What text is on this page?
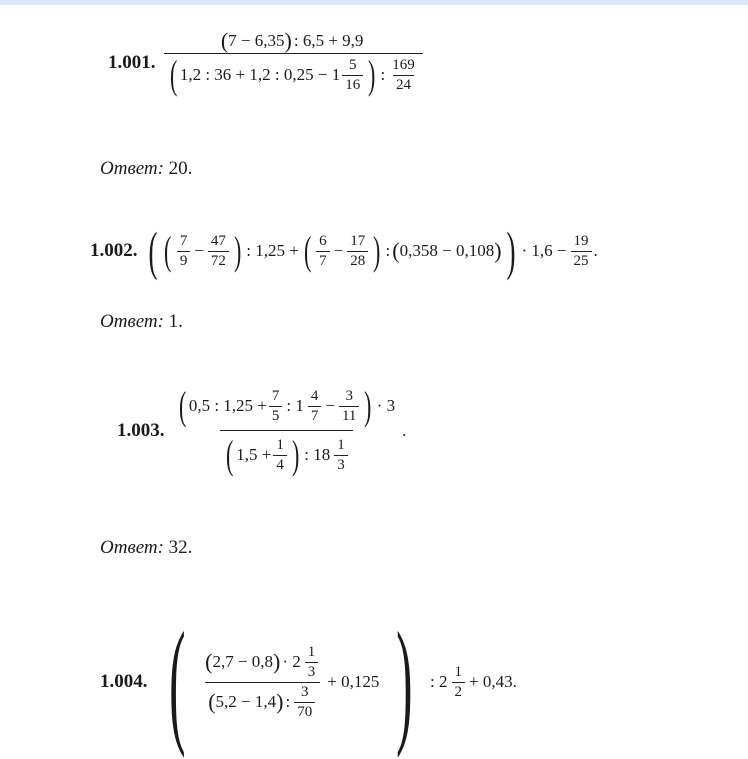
1.001.
( 7 − 6,35 ) : 6,5 + 9,9
( 1,2 : 36 + 1,2 : $0,25 - 1 \frac{5}{16}$ ) : $\frac{169}{24}$
Ответ: 20.
1.002. ( ( $\frac{7}{9} - \frac{47}{72}$ ) : 1,25 + ( $\frac{6}{7} - \frac{17}{28}$ ) : ( 0,358 − 0,108 ) ) · $1,6 - \frac{19}{25}$ .
Ответ: 1.
1.003.
( 0,5 : $1,25 + \frac{7}{5}$ : $1 \frac{4}{7} - \frac{3}{11}$ ) · 3
( $1,5 + \frac{1}{4}$ ) : $18 \frac{1}{3}$
.
Ответ: 32.
1.004. ( ( 2,7 − 0,8 ) · $2 \frac{1}{3}$
( 5,2 − 1,4 ) : $\frac{3}{70}$
+ 0,125 ) : $2 \frac{1}{2} + 0,43$.
